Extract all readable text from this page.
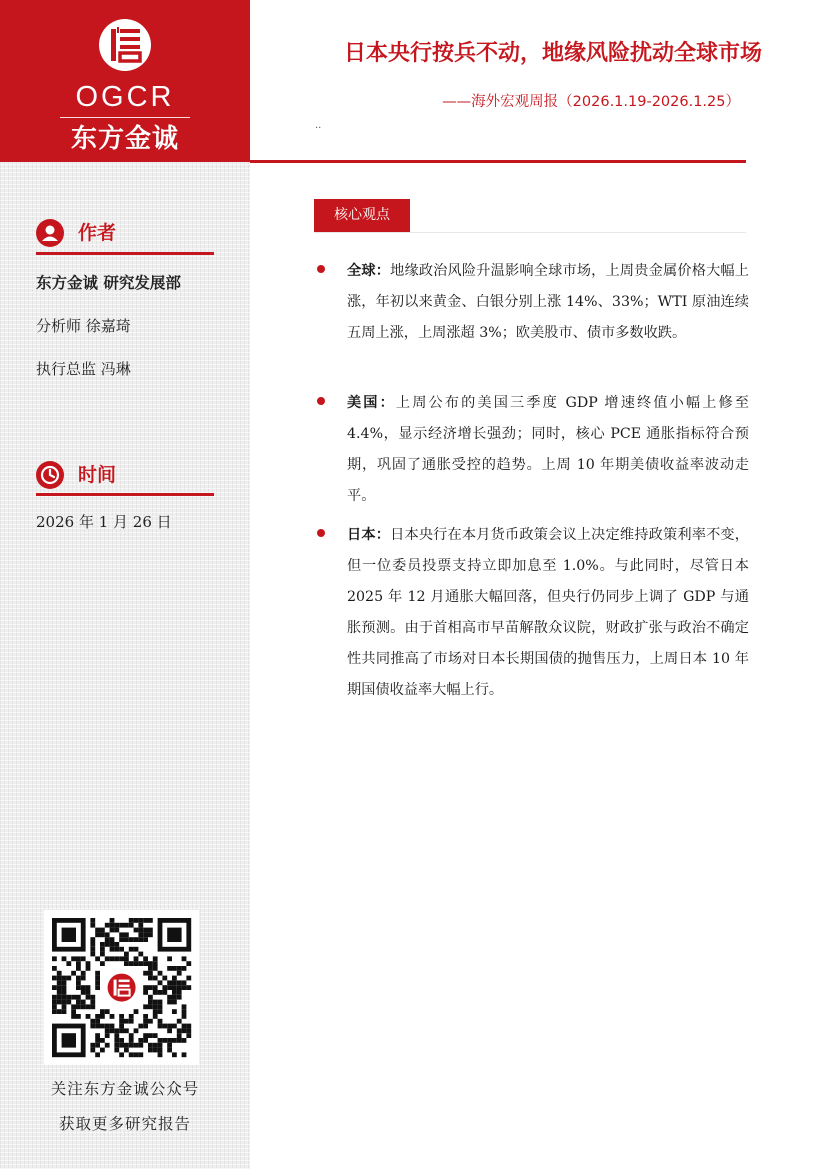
OGCR
东方金诚
作者
东方金诚 研究发展部
分析师 徐嘉琦
执行总监 冯琳
时间
2026 年 1 月 26 日
关注东方金诚公众号
获取更多研究报告
日本央行按兵不动，地缘风险扰动全球市场
——海外宏观周报（2026.1.19-2026.1.25）
..
核心观点

全球：地缘政治风险升温影响全球市场，上周贵金属价格大幅上涨，年初以来黄金、白银分别上涨 14%、33%；WTI 原油连续五周上涨，上周涨超 3%；欧美股市、债市多数收跌。

美国：上周公布的美国三季度 GDP 增速终值小幅上修至 4.4%，显示经济增长强劲；同时，核心 PCE 通胀指标符合预期，巩固了通胀受控的趋势。上周 10 年期美债收益率波动走平。

日本：日本央行在本月货币政策会议上决定维持政策利率不变，但一位委员投票支持立即加息至 1.0%。与此同时，尽管日本 2025 年 12 月通胀大幅回落，但央行仍同步上调了 GDP 与通胀预测。由于首相高市早苗解散众议院，财政扩张与政治不确定性共同推高了市场对日本长期国债的抛售压力，上周日本 10 年期国债收益率大幅上行。
